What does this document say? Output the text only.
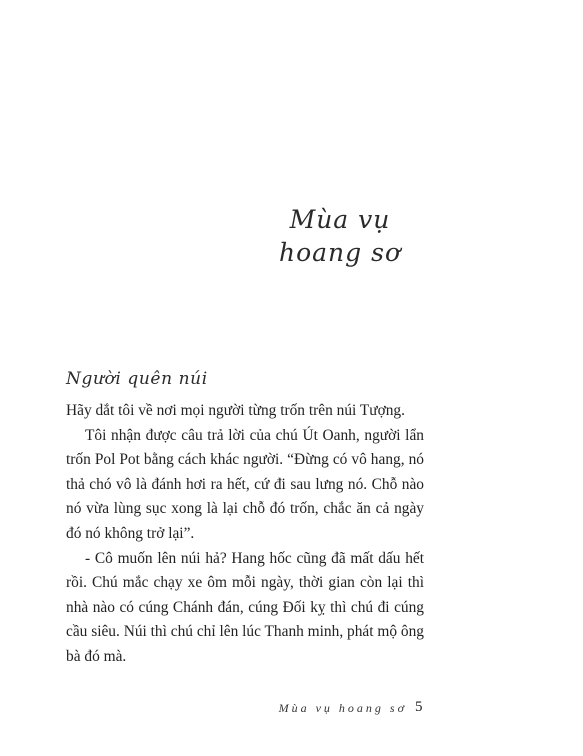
Mùa vụ
hoang sơ
Người quên núi

Hãy dắt tôi về nơi mọi người từng trốn trên núi Tượng.

Tôi nhận được câu trả lời của chú Út Oanh, người lẩn trốn Pol Pot bằng cách khác người. “Đừng có vô hang, nó thả chó vô là đánh hơi ra hết, cứ đi sau lưng nó. Chỗ nào nó vừa lùng sục xong là lại chỗ đó trốn, chắc ăn cả ngày đó nó không trở lại”.

- Cô muốn lên núi hả? Hang hốc cũng đã mất dấu hết rồi. Chú mắc chạy xe ôm mỗi ngày, thời gian còn lại thì nhà nào có cúng Chánh đán, cúng Đối kỵ thì chú đi cúng cầu siêu. Núi thì chú chỉ lên lúc Thanh minh, phát mộ ông bà đó mà.

Mùa vụ hoang sơ 5
